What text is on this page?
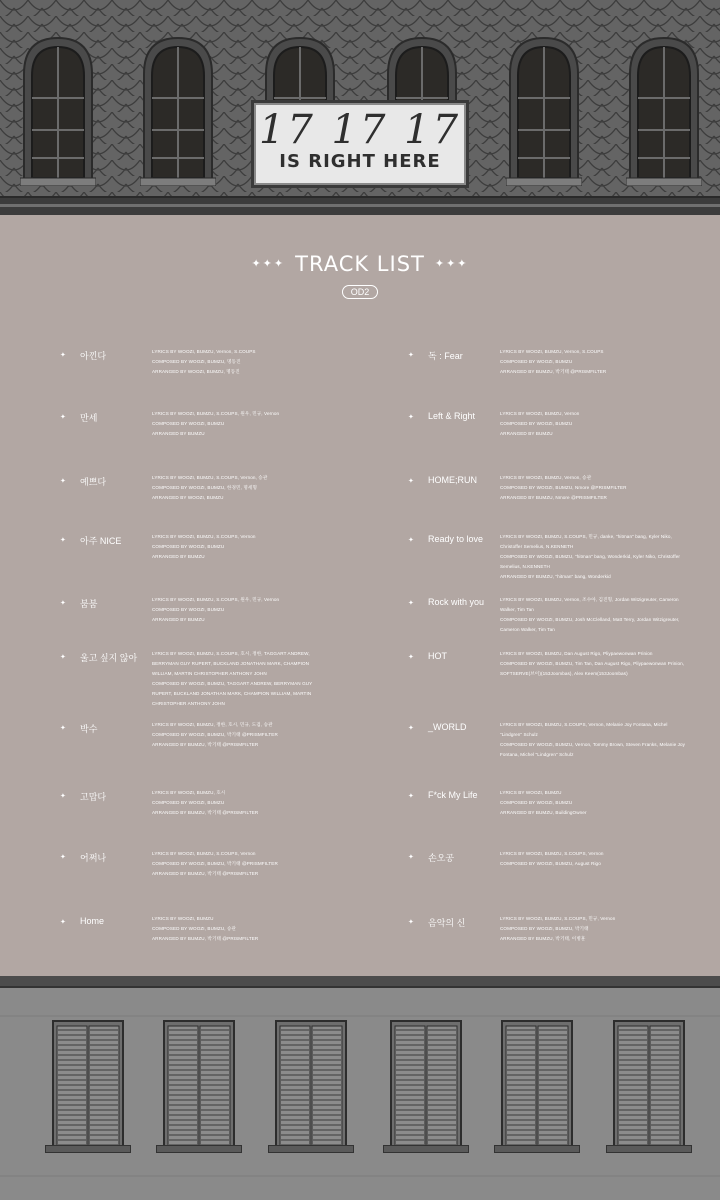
17 17 17
IS RIGHT HERE
✦✦✦ TRACK LIST ✦✦✦
OD2
✦ 아낀다	LYRICS BY WOOZI, BUMZU, Vernon, S.COUPS
COMPOSED BY WOOZI, BUMZU, 명동진
ARRANGED BY WOOZI, BUMZU, 명동진
✦ 만세	LYRICS BY WOOZI, BUMZU, S.COUPS, 원우, 민규, Vernon
COMPOSED BY WOOZI, BUMZU
ARRANGED BY BUMZU
✦ 예쁘다	LYRICS BY WOOZI, BUMZU, S.COUPS, Vernon, 승관
COMPOSED BY WOOZI, BUMZU, 한경민, 명세형
ARRANGED BY WOOZI, BUMZU
✦ 아주 NICE	LYRICS BY WOOZI, BUMZU, S.COUPS, Vernon
COMPOSED BY WOOZI, BUMZU
ARRANGED BY BUMZU
✦ 붐붐	LYRICS BY WOOZI, BUMZU, S.COUPS, 원우, 민규, Vernon
COMPOSED BY WOOZI, BUMZU
ARRANGED BY BUMZU
✦ 울고 싶지 않아	LYRICS BY WOOZI, BUMZU, S.COUPS, 호시, 정한, TAGGART ANDREW, BERRYMAN GUY RUPERT, BUCKLAND JONATHAN MARK, CHAMPION WILLIAM, MARTIN CHRISTOPHER ANTHONY JOHN
COMPOSED BY WOOZI, BUMZU, TAGGART ANDREW, BERRYMAN GUY RUPERT, BUCKLAND JONATHAN MARK, CHAMPION WILLIAM, MARTIN CHRISTOPHER ANTHONY JOHN
✦ 박수	LYRICS BY WOOZI, BUMZU, 정한, 호시, 민규, 도겸, 승관
COMPOSED BY WOOZI, BUMZU, 박기태 @PRISMFILTER
ARRANGED BY BUMZU, 박기태 @PRISMFILTER
✦ 고맙다	LYRICS BY WOOZI, BUMZU, 호시
COMPOSED BY WOOZI, BUMZU
ARRANGED BY BUMZU, 박기태 @PRISMFILTER
✦ 어쩌나	LYRICS BY WOOZI, BUMZU, S.COUPS, Vernon
COMPOSED BY WOOZI, BUMZU, 박기태 @PRISMFILTER
ARRANGED BY BUMZU, 박기태 @PRISMFILTER
✦ Home	LYRICS BY WOOZI, BUMZU
COMPOSED BY WOOZI, BUMZU, 승관
ARRANGED BY BUMZU, 박기태 @PRISMFILTER
✦ 독 : Fear	LYRICS BY WOOZI, BUMZU, Vernon, S.COUPS
COMPOSED BY WOOZI, BUMZU
ARRANGED BY BUMZU, 박기태 @PRISMFILTER
✦ Left & Right	LYRICS BY WOOZI, BUMZU, Vernon
COMPOSED BY WOOZI, BUMZU
ARRANGED BY BUMZU
✦ HOME;RUN	LYRICS BY WOOZI, BUMZU, Vernon, 승관
COMPOSED BY WOOZI, BUMZU, Nmore @PRISMFILTER
ARRANGED BY BUMZU, Nmore @PRISMFILTER
✦ Ready to love	LYRICS BY WOOZI, BUMZU, S.COUPS, 민규, danke, "hitman" bang, Kyler Niko, Christoffer Semelius, N.KENNETH
COMPOSED BY WOOZI, BUMZU, "hitman" bang, Wonderkid, Kyler Niko, Christoffer Semelius, N.KENNETH
ARRANGED BY BUMZU, "hitman" bang, Wonderkid
✦ Rock with you	LYRICS BY WOOZI, BUMZU, Vernon, 조수아, 김진형, Jordan Witzigreuter, Cameron Walker, Tim Tan
COMPOSED BY WOOZI, BUMZU, Josh McClelland, Matt Terry, Jordan Witzigreuter, Cameron Walker, Tim Tan
✦ HOT	LYRICS BY WOOZI, BUMZU, Dan August Rigo, Pliypaewonwan Prinion
COMPOSED BY WOOZI, BUMZU, Tim Tan, Dan August Rigo, Pliypaewonwan Prinion, SOFTSERVE(브이)(153Joombas), Alex Keem(153Joombas)
✦ _WORLD	LYRICS BY WOOZI, BUMZU, S.COUPS, Vernon, Melanie Joy Fontana, Michel "Lindgren" Schulz
COMPOSED BY WOOZI, BUMZU, Vernon, Tommy Brown, Steven Franks, Melanie Joy Fontana, Michel "Lindgren" Schulz
✦ F*ck My Life	LYRICS BY WOOZI, BUMZU
COMPOSED BY WOOZI, BUMZU
ARRANGED BY BUMZU, BuildingOwner
✦ 손오공	LYRICS BY WOOZI, BUMZU, S.COUPS, Vernon
COMPOSED BY WOOZI, BUMZU, August Rigo
✦ 음악의 신	LYRICS BY WOOZI, BUMZU, S.COUPS, 민규, Vernon
COMPOSED BY WOOZI, BUMZU, 박기태
ARRANGED BY BUMZU, 박기태, 이병훈
